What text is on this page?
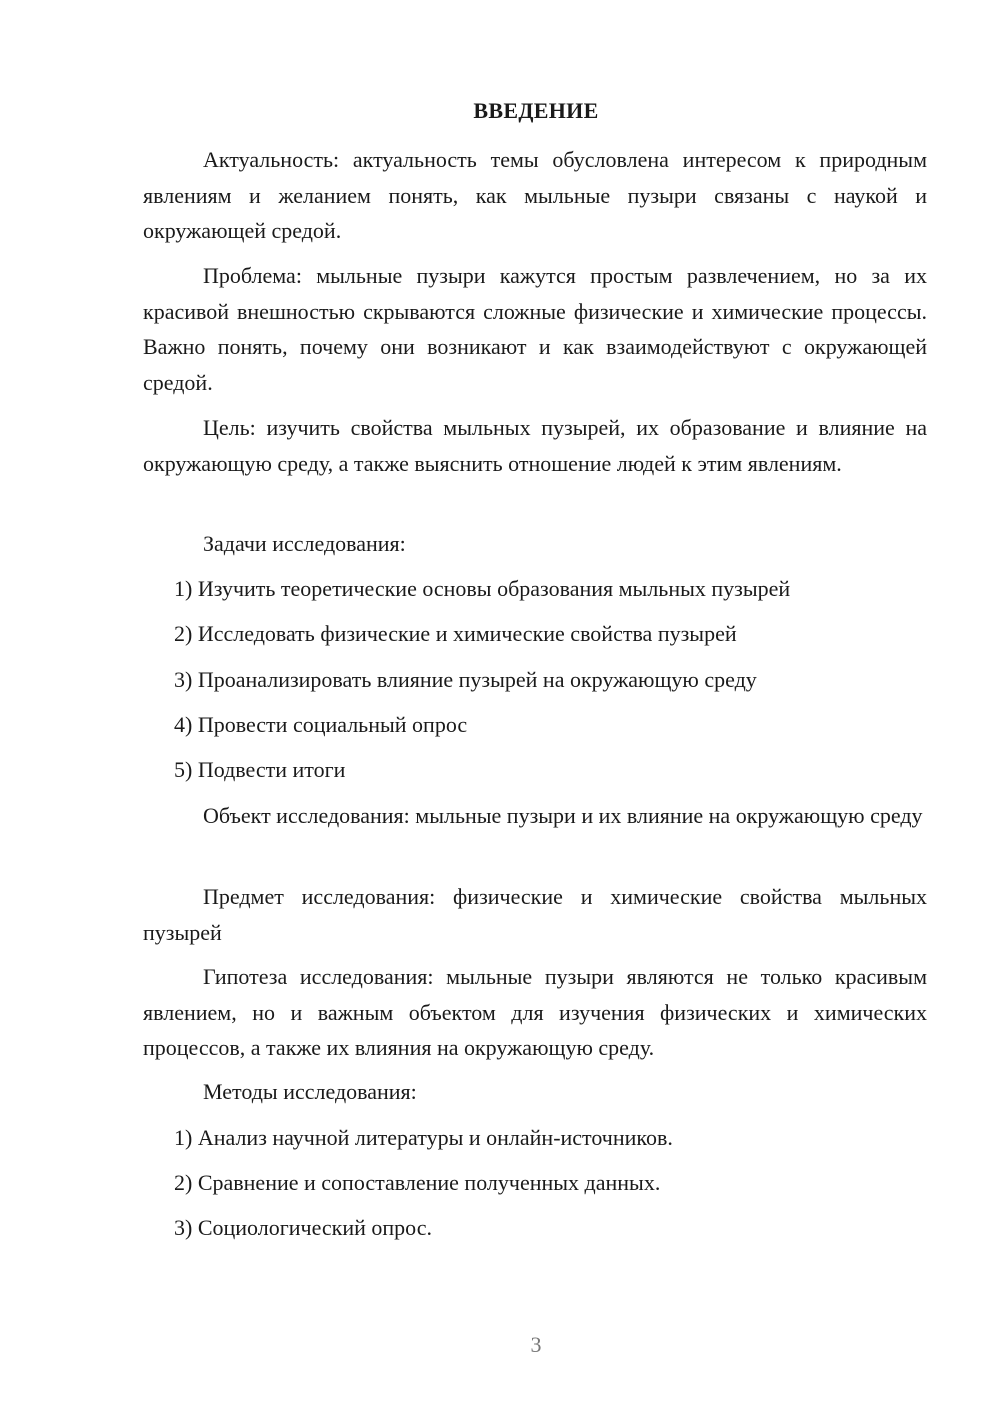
ВВЕДЕНИЕ
Актуальность: актуальность темы обусловлена интересом к природным явлениям и желанием понять, как мыльные пузыри связаны с наукой и окружающей средой.
Проблема: мыльные пузыри кажутся простым развлечением, но за их красивой внешностью скрываются сложные физические и химические процессы. Важно понять, почему они возникают и как взаимодействуют с окружающей средой.
Цель: изучить свойства мыльных пузырей, их образование и влияние на окружающую среду, а также выяснить отношение людей к этим явлениям.
Задачи исследования:
1) Изучить теоретические основы образования мыльных пузырей
2) Исследовать физические и химические свойства пузырей
3) Проанализировать влияние пузырей на окружающую среду
4) Провести социальный опрос
5) Подвести итоги
Объект исследования: мыльные пузыри и их влияние на окружающую среду
Предмет исследования: физические и химические свойства мыльных пузырей
Гипотеза исследования: мыльные пузыри являются не только красивым явлением, но и важным объектом для изучения физических и химических процессов, а также их влияния на окружающую среду.
Методы исследования:
1) Анализ научной литературы и онлайн-источников.
2) Сравнение и сопоставление полученных данных.
3) Социологический опрос.
3
